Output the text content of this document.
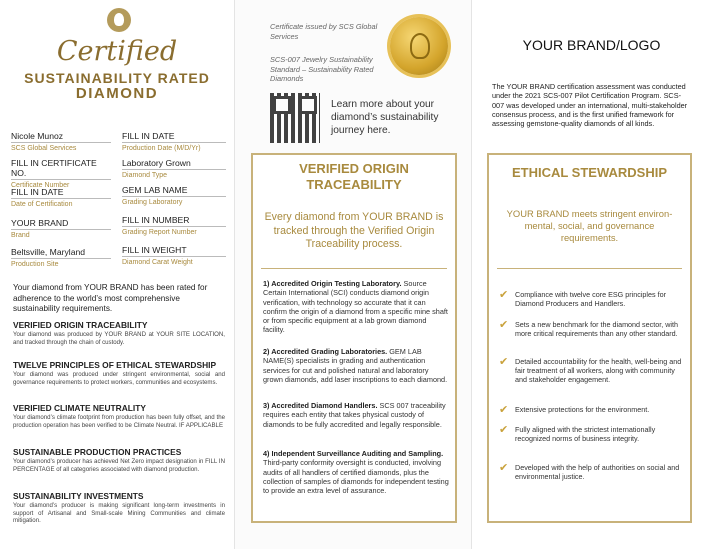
Certified
SUSTAINABILITY RATED
DIAMOND
Nicole Munoz
SCS Global Services
FILL IN DATE
Production Date (M/D/Yr)
FILL IN CERTIFICATE NO.
Certificate Number
Laboratory Grown
Diamond Type
FILL IN DATE
Date of Certification
GEM LAB NAME
Grading Laboratory
YOUR BRAND
Brand
FILL IN NUMBER
Grading Report Number
Beltsville, Maryland
Production Site
FILL IN WEIGHT
Diamond Carat Weight
Your diamond from YOUR BRAND has been rated for adherence to the world’s most comprehensive sustainability requirements.
VERIFIED ORIGIN TRACEABILITY
Your diamond was produced by YOUR BRAND at YOUR SITE LOCATION, and tracked through the chain of custody.
TWELVE PRINCIPLES OF ETHICAL STEWARDSHIP
Your diamond was produced under stringent environmental, social and governance requirements to protect workers, communities and ecosystems.
VERIFIED CLIMATE NEUTRALITY
Your diamond’s climate footprint from production has been fully offset, and the production operation has been verified to be Climate Neutral. IF APPLICABLE
SUSTAINABLE PRODUCTION PRACTICES
Your diamond’s producer has achieved Net Zero impact designation in FILL IN PERCENTAGE of all categories associated with diamond production.
SUSTAINABILITY INVESTMENTS
Your diamond’s producer is making significant long-term investments in support of Artisanal and Small-scale Mining Communities and climate mitigation.
Certificate issued by SCS Global Services
SCS-007 Jewelry Sustainability Standard – Sustainability Rated Diamonds
Learn more about your diamond’s sustainability journey here.
VERIFIED ORIGIN TRACEABILITY
Every diamond from YOUR BRAND is tracked through the Verified Origin Traceability process.
1) Accredited Origin Testing Laboratory. Source Certain International (SCI) conducts diamond origin verification, with technology so accurate that it can confirm the origin of a diamond from a specific mine shaft or from specific equipment at a lab grown diamond facility.
2) Accredited Grading Laboratories. GEM LAB NAME(S) specialists in grading and authentication services for cut and polished natural and laboratory grown diamonds, add laser inscriptions to each diamond.
3) Accredited Diamond Handlers. SCS 007 traceability requires each entity that takes physical custody of diamonds to be fully accredited and legally responsible.
4) Independent Surveillance Auditing and Sampling. Third-party conformity oversight is conducted, involving audits of all handlers of certified diamonds, plus the collection of samples of diamonds for independent testing to provide an extra level of assurance.
YOUR BRAND/LOGO
The YOUR BRAND certification assessment was conducted under the 2021 SCS-007 Pilot Certification Program. SCS-007 was developed under an international, multi-stakeholder consensus process, and is the first unified framework for assessing gemstone-quality diamonds of all kinds.
ETHICAL STEWARDSHIP
YOUR BRAND meets stringent environ-mental, social, and governance requirements.
✔ Compliance with twelve core ESG principles for Diamond Producers and Handlers.
✔ Sets a new benchmark for the diamond sector, with more critical requirements than any other standard.
✔ Detailed accountability for the health, well-being and fair treatment of all workers, along with community and stakeholder engagement.
✔ Extensive protections for the environment.
✔ Fully aligned with the strictest internationally recognized norms of business integrity.
✔ Developed with the help of authorities on social and environmental justice.
